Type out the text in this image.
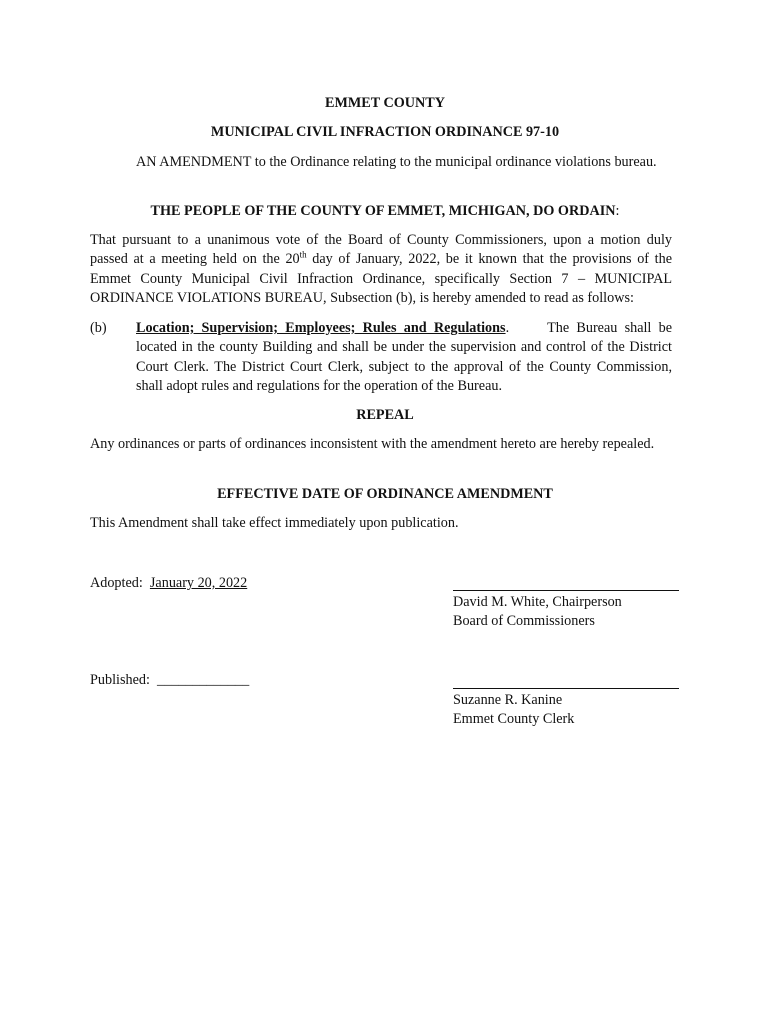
EMMET COUNTY
MUNICIPAL CIVIL INFRACTION ORDINANCE 97-10

AN AMENDMENT to the Ordinance relating to the municipal ordinance violations bureau.

THE PEOPLE OF THE COUNTY OF EMMET, MICHIGAN, DO ORDAIN:

That pursuant to a unanimous vote of the Board of County Commissioners, upon a motion duly passed at a meeting held on the 20th day of January, 2022, be it known that the provisions of the Emmet County Municipal Civil Infraction Ordinance, specifically Section 7 – MUNICIPAL ORDINANCE VIOLATIONS BUREAU, Subsection (b), is hereby amended to read as follows:

(b) Location; Supervision; Employees; Rules and Regulations.	The Bureau shall be located in the county Building and shall be under the supervision and control of the District Court Clerk. The District Court Clerk, subject to the approval of the County Commission, shall adopt rules and regulations for the operation of the Bureau.

REPEAL

Any ordinances or parts of ordinances inconsistent with the amendment hereto are hereby repealed.

EFFECTIVE DATE OF ORDINANCE AMENDMENT

This Amendment shall take effect immediately upon publication.

Adopted: January 20, 2022
David M. White, Chairperson
Board of Commissioners
Published: _____________
Suzanne R. Kanine
Emmet County Clerk
